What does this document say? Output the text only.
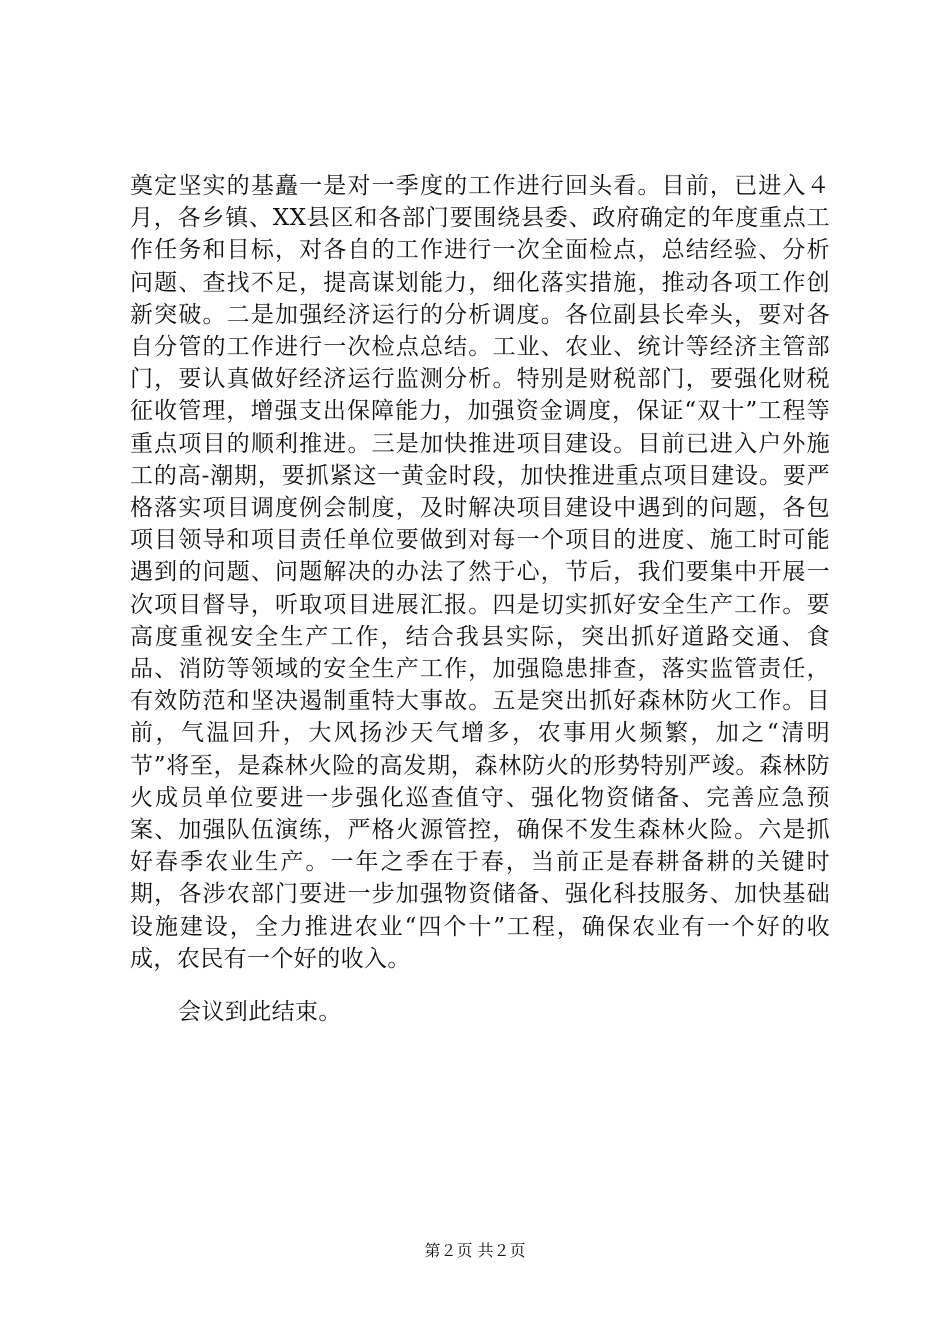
奠定坚实的基矗一是对一季度的工作进行回头看。目前，已进入４月，各乡镇、XX县区和各部门要围绕县委、政府确定的年度重点工作任务和目标，对各自的工作进行一次全面检点，总结经验、分析问题、查找不足，提高谋划能力，细化落实措施，推动各项工作创新突破。二是加强经济运行的分析调度。各位副县长牵头，要对各自分管的工作进行一次检点总结。工业、农业、统计等经济主管部门，要认真做好经济运行监测分析。特别是财税部门，要强化财税征收管理，增强支出保障能力，加强资金调度，保证“双十”工程等重点项目的顺利推进。三是加快推进项目建设。目前已进入户外施工的高-潮期，要抓紧这一黄金时段，加快推进重点项目建设。要严格落实项目调度例会制度，及时解决项目建设中遇到的问题，各包项目领导和项目责任单位要做到对每一个项目的进度、施工时可能遇到的问题、问题解决的办法了然于心，节后，我们要集中开展一次项目督导，听取项目进展汇报。四是切实抓好安全生产工作。要高度重视安全生产工作，结合我县实际，突出抓好道路交通、食品、消防等领域的安全生产工作，加强隐患排查，落实监管责任，有效防范和坚决遏制重特大事故。五是突出抓好森林防火工作。目前，气温回升，大风扬沙天气增多，农事用火频繁，加之“清明节”将至，是森林火险的高发期，森林防火的形势特别严竣。森林防火成员单位要进一步强化巡查值守、强化物资储备、完善应急预案、加强队伍演练，严格火源管控，确保不发生森林火险。六是抓好春季农业生产。一年之季在于春，当前正是春耕备耕的关键时期，各涉农部门要进一步加强物资储备、强化科技服务、加快基础设施建设，全力推进农业“四个十”工程，确保农业有一个好的收成，农民有一个好的收入。

会议到此结束。

第２页 共２页
